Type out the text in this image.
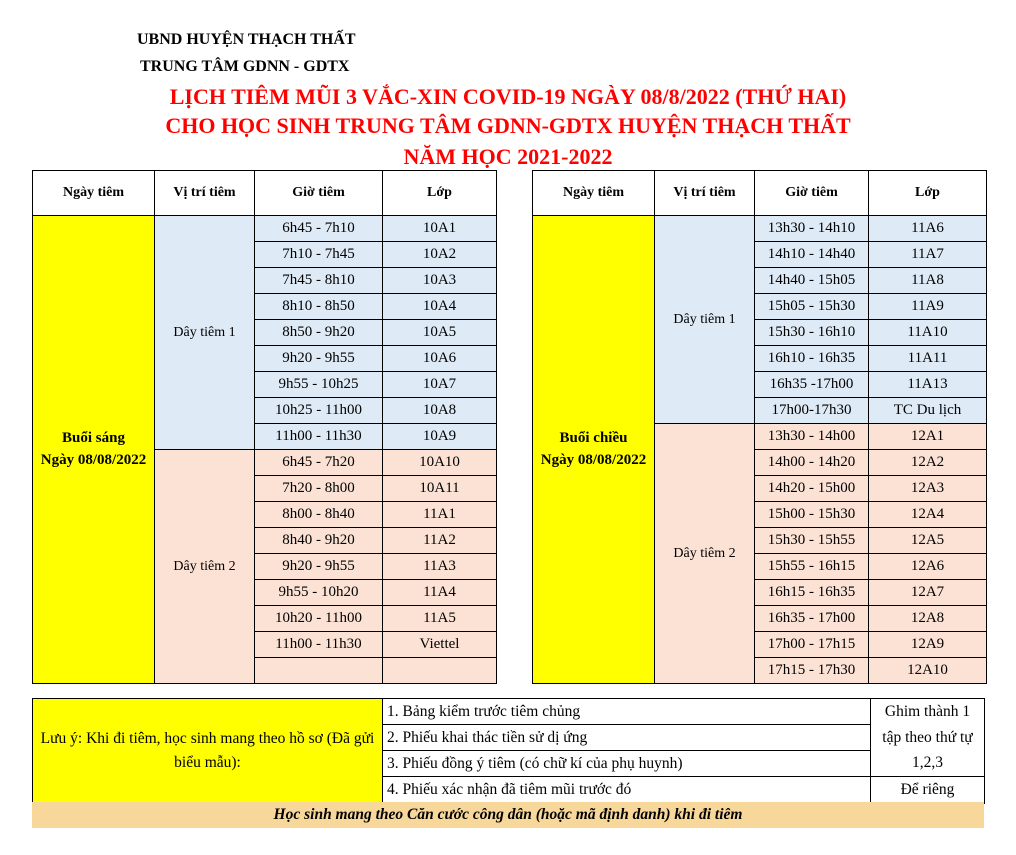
UBND HUYỆN THẠCH THẤT
TRUNG TÂM GDNN - GDTX
LỊCH TIÊM MŨI 3 VẮC-XIN COVID-19 NGÀY 08/8/2022 (THỨ HAI)
CHO HỌC SINH TRUNG TÂM GDNN-GDTX HUYỆN THẠCH THẤT
NĂM HỌC 2021-2022
Ngày tiêm	Vị trí tiêm	Giờ tiêm	Lớp
Buổi sáng
Ngày 08/08/2022	Dây tiêm 1	6h45 - 7h10	10A1
		7h10 - 7h45	10A2
		7h45 - 8h10	10A3
		8h10 - 8h50	10A4
		8h50 - 9h20	10A5
		9h20 - 9h55	10A6
		9h55 - 10h25	10A7
		10h25 - 11h00	10A8
		11h00 - 11h30	10A9
	Dây tiêm 2	6h45 - 7h20	10A10
		7h20 - 8h00	10A11
		8h00 - 8h40	11A1
		8h40 - 9h20	11A2
		9h20 - 9h55	11A3
		9h55 - 10h20	11A4
		10h20 - 11h00	11A5
		11h00 - 11h30	Viettel

Ngày tiêm	Vị trí tiêm	Giờ tiêm	Lớp
Buổi chiều
Ngày 08/08/2022	Dây tiêm 1	13h30 - 14h10	11A6
		14h10 - 14h40	11A7
		14h40 - 15h05	11A8
		15h05 - 15h30	11A9
		15h30 - 16h10	11A10
		16h10 - 16h35	11A11
		16h35 -17h00	11A13
		17h00-17h30	TC Du lịch
	Dây tiêm 2	13h30 - 14h00	12A1
		14h00 - 14h20	12A2
		14h20 - 15h00	12A3
		15h00 - 15h30	12A4
		15h30 - 15h55	12A5
		15h55 - 16h15	12A6
		16h15 - 16h35	12A7
		16h35 - 17h00	12A8
		17h00 - 17h15	12A9
		17h15 - 17h30	12A10
Lưu ý: Khi đi tiêm, học sinh mang theo hồ sơ (Đã gửi biểu mẫu):	1. Bảng kiểm trước tiêm chủng	Ghim thành 1 tập theo thứ tự 1,2,3
	2. Phiếu khai thác tiền sử dị ứng	
	3. Phiếu đồng ý tiêm (có chữ kí của phụ huynh)	
	4. Phiếu xác nhận đã tiêm mũi trước đó	Để riêng
Học sinh mang theo Căn cước công dân (hoặc mã định danh) khi đi tiêm
